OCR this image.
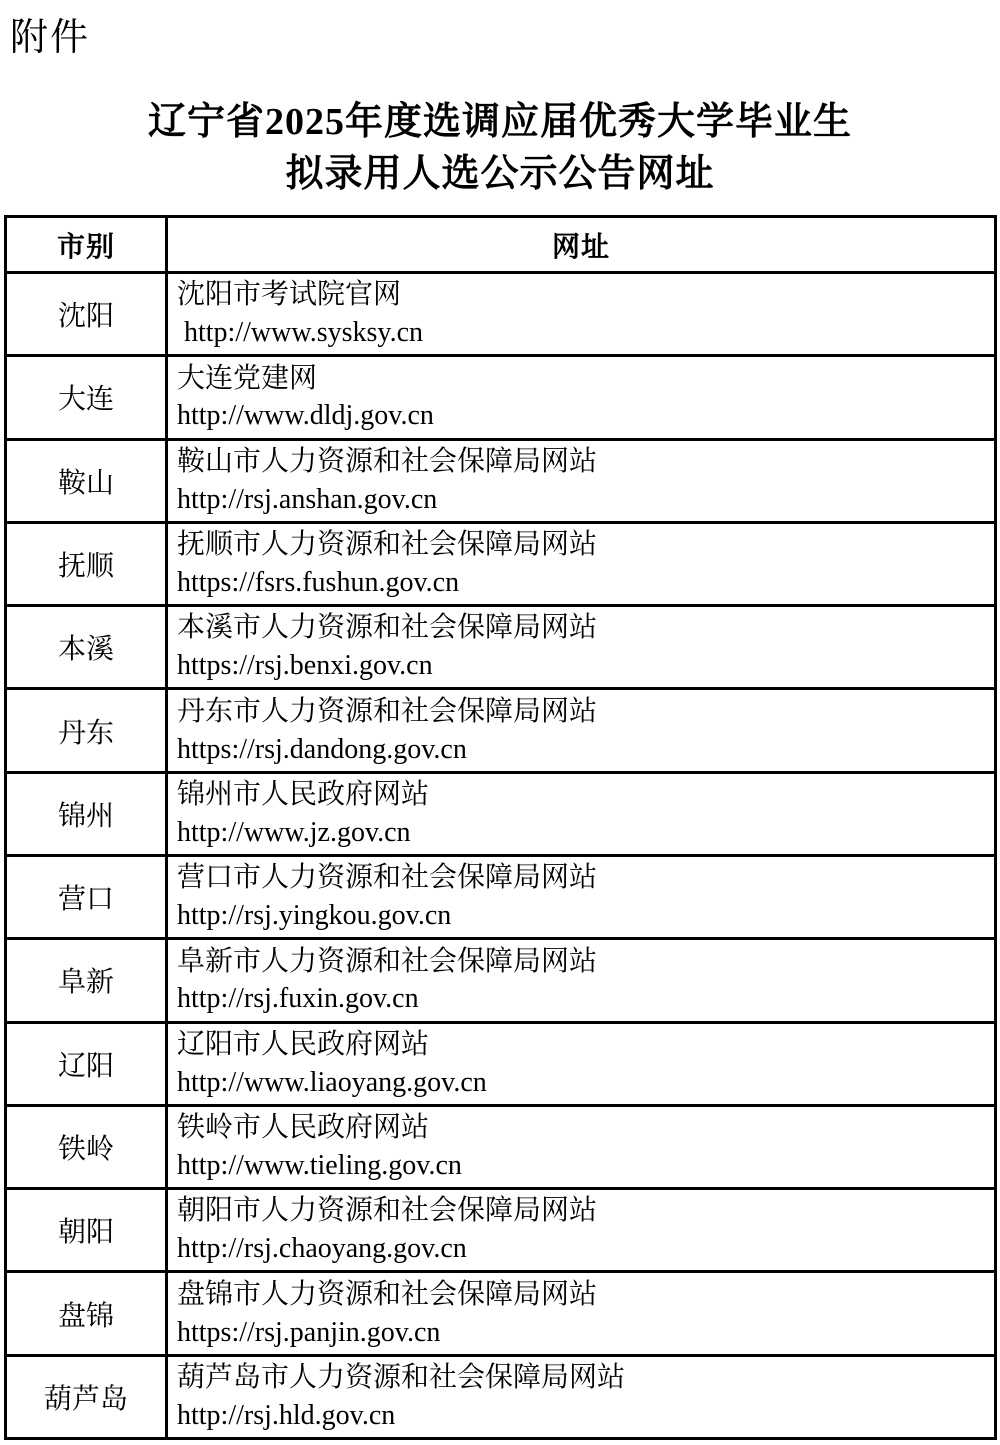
附件
辽宁省2025年度选调应届优秀大学毕业生
拟录用人选公示公告网址
市别	网址
沈阳	沈阳市考试院官网
http://www.sysksy.cn

大连	大连党建网
http://www.dldj.gov.cn

鞍山	鞍山市人力资源和社会保障局网站
http://rsj.anshan.gov.cn

抚顺	抚顺市人力资源和社会保障局网站
https://fsrs.fushun.gov.cn

本溪	本溪市人力资源和社会保障局网站
https://rsj.benxi.gov.cn

丹东	丹东市人力资源和社会保障局网站
https://rsj.dandong.gov.cn

锦州	锦州市人民政府网站
http://www.jz.gov.cn

营口	营口市人力资源和社会保障局网站
http://rsj.yingkou.gov.cn

阜新	阜新市人力资源和社会保障局网站
http://rsj.fuxin.gov.cn

辽阳	辽阳市人民政府网站
http://www.liaoyang.gov.cn

铁岭	铁岭市人民政府网站
http://www.tieling.gov.cn

朝阳	朝阳市人力资源和社会保障局网站
http://rsj.chaoyang.gov.cn

盘锦	盘锦市人力资源和社会保障局网站
https://rsj.panjin.gov.cn

葫芦岛	葫芦岛市人力资源和社会保障局网站
http://rsj.hld.gov.cn
